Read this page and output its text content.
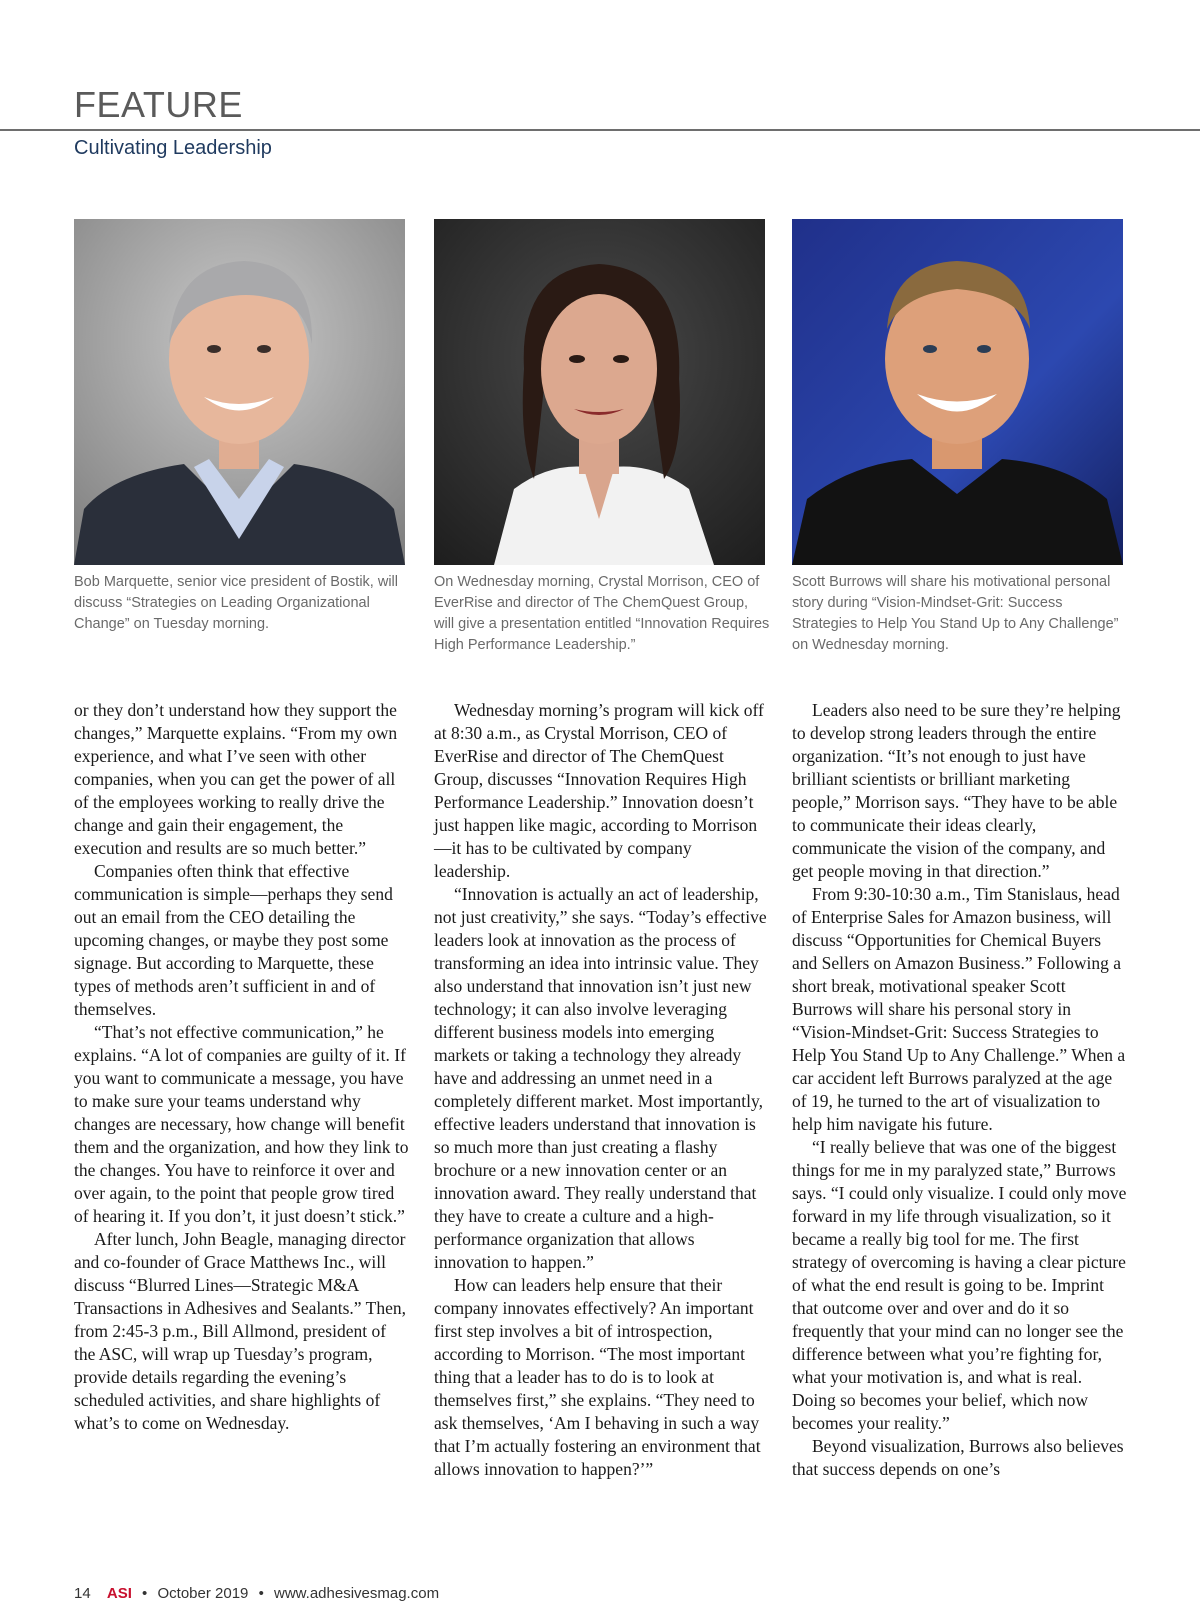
FEATURE
Cultivating Leadership
Bob Marquette, senior vice president of Bostik, will discuss “Strategies on Leading Organizational Change” on Tuesday morning.
On Wednesday morning, Crystal Morrison, CEO of EverRise and director of The ChemQuest Group, will give a presentation entitled “Innovation Requires High Performance Leadership.”
Scott Burrows will share his motivational personal story during “Vision-Mindset-Grit: Success Strategies to Help You Stand Up to Any Challenge” on Wednesday morning.

or they don’t understand how they support the changes,” Marquette explains. “From my own experience, and what I’ve seen with other companies, when you can get the power of all of the employees working to really drive the change and gain their engagement, the execution and results are so much better.”

Companies often think that effective communication is simple—perhaps they send out an email from the CEO detailing the upcoming changes, or maybe they post some signage. But according to Marquette, these types of methods aren’t sufficient in and of themselves.

“That’s not effective communication,” he explains. “A lot of companies are guilty of it. If you want to communicate a message, you have to make sure your teams understand why changes are necessary, how change will benefit them and the organization, and how they link to the changes. You have to reinforce it over and over again, to the point that people grow tired of hearing it. If you don’t, it just doesn’t stick.”

After lunch, John Beagle, managing director and co-founder of Grace Matthews Inc., will discuss “Blurred Lines—Strategic M&A Transactions in Adhesives and Sealants.” Then, from 2:45-3 p.m., Bill Allmond, president of the ASC, will wrap up Tuesday’s program, provide details regarding the evening’s scheduled activities, and share highlights of what’s to come on Wednesday.

Wednesday morning’s program will kick off at 8:30 a.m., as Crystal Morrison, CEO of EverRise and director of The ChemQuest Group, discusses “Innovation Requires High Performance Leadership.” Innovation doesn’t just happen like magic, according to Morrison—it has to be cultivated by company leadership.

“Innovation is actually an act of leadership, not just creativity,” she says. “Today’s effective leaders look at innovation as the process of transforming an idea into intrinsic value. They also understand that innovation isn’t just new technology; it can also involve leveraging different business models into emerging markets or taking a technology they already have and addressing an unmet need in a completely different market. Most importantly, effective leaders understand that innovation is so much more than just creating a flashy brochure or a new innovation center or an innovation award. They really understand that they have to create a culture and a high-performance organization that allows innovation to happen.”

How can leaders help ensure that their company innovates effectively? An important first step involves a bit of introspection, according to Morrison. “The most important thing that a leader has to do is to look at themselves first,” she explains. “They need to ask themselves, ‘Am I behaving in such a way that I’m actually fostering an environment that allows innovation to happen?’”

Leaders also need to be sure they’re helping to develop strong leaders through the entire organization. “It’s not enough to just have brilliant scientists or brilliant marketing people,” Morrison says. “They have to be able to communicate their ideas clearly, communicate the vision of the company, and get people moving in that direction.”

From 9:30-10:30 a.m., Tim Stanislaus, head of Enterprise Sales for Amazon business, will discuss “Opportunities for Chemical Buyers and Sellers on Amazon Business.” Following a short break, motivational speaker Scott Burrows will share his personal story in “Vision-Mindset-Grit: Success Strategies to Help You Stand Up to Any Challenge.” When a car accident left Burrows paralyzed at the age of 19, he turned to the art of visualization to help him navigate his future.

“I really believe that was one of the biggest things for me in my paralyzed state,” Burrows says. “I could only visualize. I could only move forward in my life through visualization, so it became a really big tool for me. The first strategy of overcoming is having a clear picture of what the end result is going to be. Imprint that outcome over and over and do it so frequently that your mind can no longer see the difference between what you’re fighting for, what your motivation is, and what is real. Doing so becomes your belief, which now becomes your reality.”

Beyond visualization, Burrows also believes that success depends on one’s

14 ASI • October 2019 • www.adhesivesmag.com
